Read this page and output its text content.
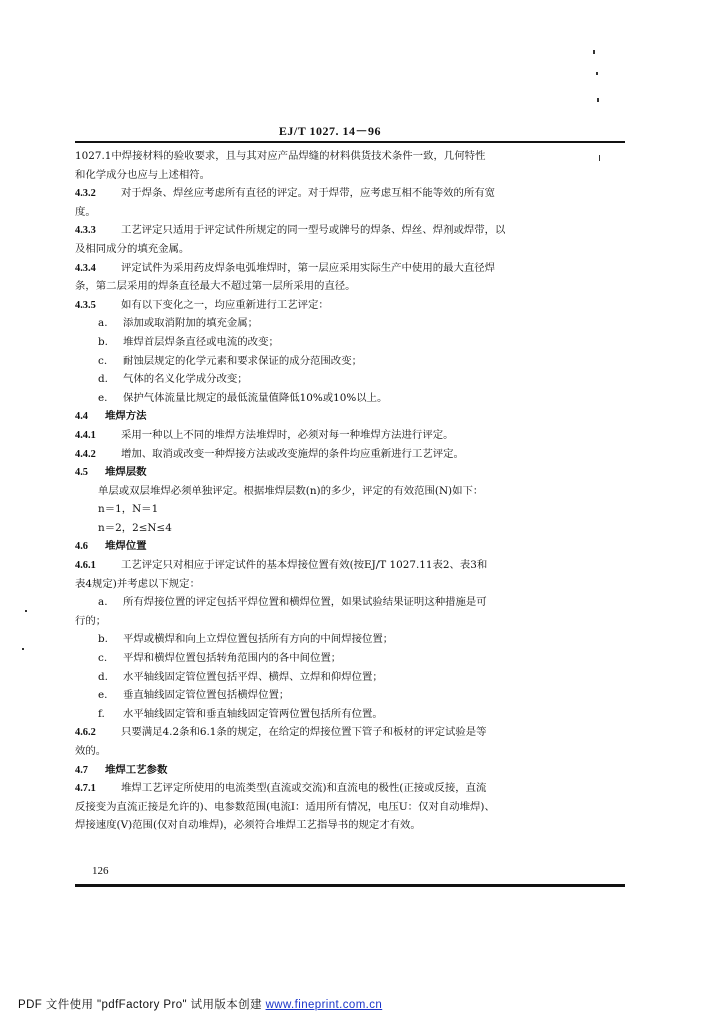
EJ/T 1027. 14－96
1027.1中焊接材料的验收要求，且与其对应产品焊缝的材料供货技术条件一致，几何特性
和化学成分也应与上述相符。
4.3.2 对于焊条、焊丝应考虑所有直径的评定。对于焊带，应考虑互相不能等效的所有宽
度。
4.3.3 工艺评定只适用于评定试件所规定的同一型号或牌号的焊条、焊丝、焊剂或焊带，以
及相同成分的填充金属。
4.3.4 评定试件为采用药皮焊条电弧堆焊时，第一层应采用实际生产中使用的最大直径焊
条，第二层采用的焊条直径最大不超过第一层所采用的直径。
4.3.5 如有以下变化之一，均应重新进行工艺评定：
a. 添加或取消附加的填充金属；
b. 堆焊首层焊条直径或电流的改变；
c. 耐蚀层规定的化学元素和要求保证的成分范围改变；
d. 气体的名义化学成分改变；
e. 保护气体流量比规定的最低流量值降低10%或10%以上。
4.4 堆焊方法
4.4.1 采用一种以上不同的堆焊方法堆焊时，必须对每一种堆焊方法进行评定。
4.4.2 增加、取消或改变一种焊接方法或改变施焊的条件均应重新进行工艺评定。
4.5 堆焊层数
单层或双层堆焊必须单独评定。根据堆焊层数(n)的多少，评定的有效范围(N)如下：
n＝1，N＝1
n＝2，2≤N≤4
4.6 堆焊位置
4.6.1 工艺评定只对相应于评定试件的基本焊接位置有效(按EJ/T 1027.11表2、表3和
表4规定)并考虑以下规定：
a. 所有焊接位置的评定包括平焊位置和横焊位置，如果试验结果证明这种措施是可
行的；
b. 平焊或横焊和向上立焊位置包括所有方向的中间焊接位置；
c. 平焊和横焊位置包括转角范围内的各中间位置；
d. 水平轴线固定管位置包括平焊、横焊、立焊和仰焊位置；
e. 垂直轴线固定管位置包括横焊位置；
f. 水平轴线固定管和垂直轴线固定管两位置包括所有位置。
4.6.2 只要满足4.2条和6.1条的规定，在给定的焊接位置下管子和板材的评定试验是等
效的。
4.7 堆焊工艺参数
4.7.1 堆焊工艺评定所使用的电流类型(直流或交流)和直流电的极性(正接或反接，直流
反接变为直流正接是允许的)、电参数范围(电流I：适用所有情况，电压U：仅对自动堆焊)、
焊接速度(V)范围(仅对自动堆焊)，必须符合堆焊工艺指导书的规定才有效。
126
PDF 文件使用 "pdfFactory Pro" 试用版本创建 www.fineprint.com.cn
